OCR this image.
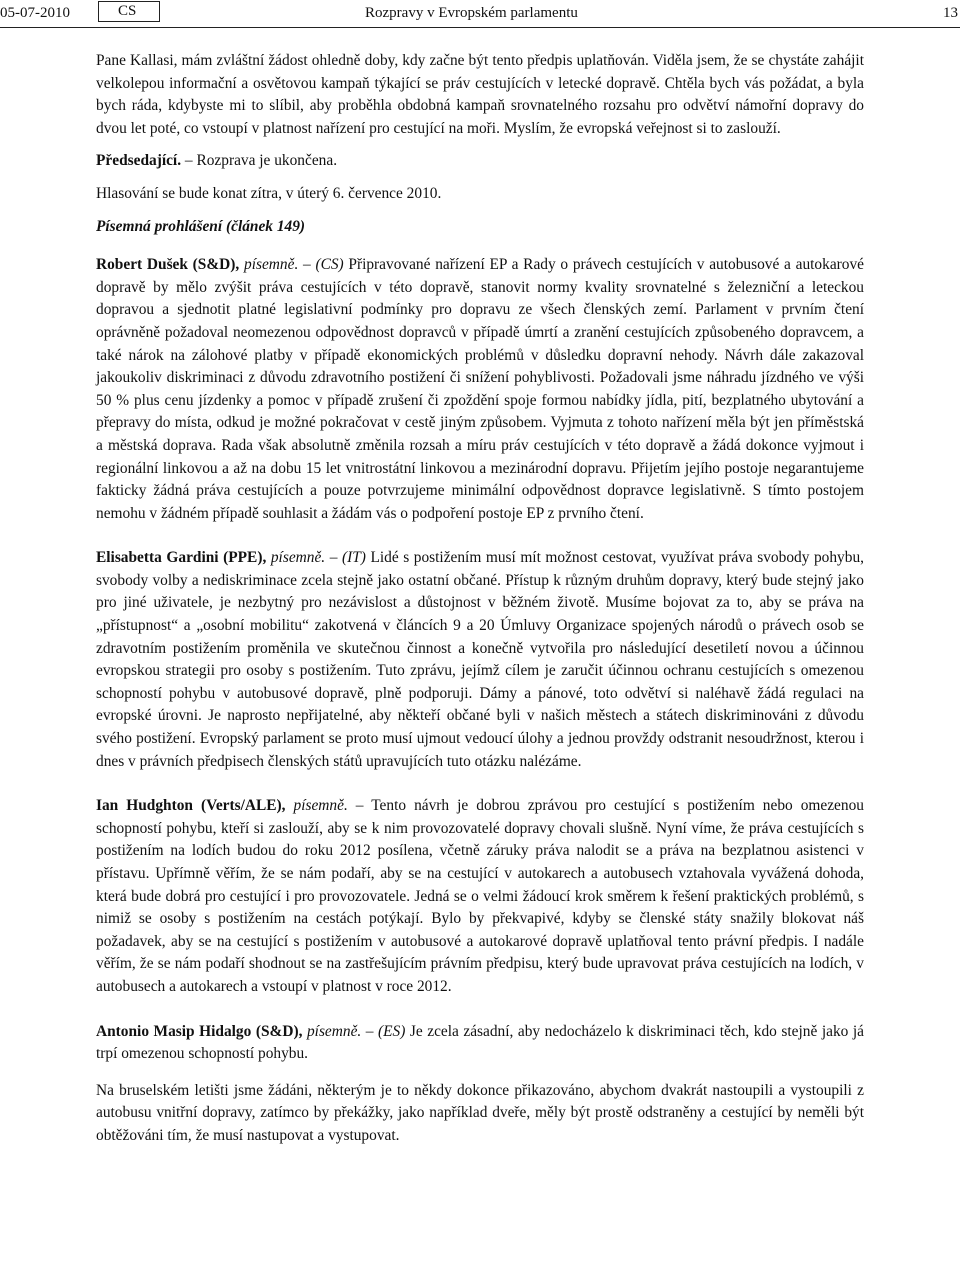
05-07-2010	CS	Rozpravy v Evropském parlamentu	13

Pane Kallasi, mám zvláštní žádost ohledně doby, kdy začne být tento předpis uplatňován. Viděla jsem, že se chystáte zahájit velkolepou informační a osvětovou kampaň týkající se práv cestujících v letecké dopravě. Chtěla bych vás požádat, a byla bych ráda, kdybyste mi to slíbil, aby proběhla obdobná kampaň srovnatelného rozsahu pro odvětví námořní dopravy do dvou let poté, co vstoupí v platnost nařízení pro cestující na moři. Myslím, že evropská veřejnost si to zaslouží.

Předsedající. – Rozprava je ukončena.

Hlasování se bude konat zítra, v úterý 6. července 2010.

Písemná prohlášení (článek 149)

Robert Dušek (S&D), písemně. – (CS) Připravované nařízení EP a Rady o právech cestujících v autobusové a autokarové dopravě by mělo zvýšit práva cestujících v této dopravě, stanovit normy kvality srovnatelné s železniční a leteckou dopravou a sjednotit platné legislativní podmínky pro dopravu ze všech členských zemí. Parlament v prvním čtení oprávněně požadoval neomezenou odpovědnost dopravců v případě úmrtí a zranění cestujících způsobeného dopravcem, a také nárok na zálohové platby v případě ekonomických problémů v důsledku dopravní nehody. Návrh dále zakazoval jakoukoliv diskriminaci z důvodu zdravotního postižení či snížení pohyblivosti. Požadovali jsme náhradu jízdného ve výši 50 % plus cenu jízdenky a pomoc v případě zrušení či zpoždění spoje formou nabídky jídla, pití, bezplatného ubytování a přepravy do místa, odkud je možné pokračovat v cestě jiným způsobem. Vyjmuta z tohoto nařízení měla být jen příměstská a městská doprava. Rada však absolutně změnila rozsah a míru práv cestujících v této dopravě a žádá dokonce vyjmout i regionální linkovou a až na dobu 15 let vnitrostátní linkovou a mezinárodní dopravu. Přijetím jejího postoje negarantujeme fakticky žádná práva cestujících a pouze potvrzujeme minimální odpovědnost dopravce legislativně. S tímto postojem nemohu v žádném případě souhlasit a žádám vás o podpoření postoje EP z prvního čtení.

Elisabetta Gardini (PPE), písemně. – (IT) Lidé s postižením musí mít možnost cestovat, využívat práva svobody pohybu, svobody volby a nediskriminace zcela stejně jako ostatní občané. Přístup k různým druhům dopravy, který bude stejný jako pro jiné uživatele, je nezbytný pro nezávislost a důstojnost v běžném životě. Musíme bojovat za to, aby se práva na „přístupnost“ a „osobní mobilitu“ zakotvená v článcích 9 a 20 Úmluvy Organizace spojených národů o právech osob se zdravotním postižením proměnila ve skutečnou činnost a konečně vytvořila pro následující desetiletí novou a účinnou evropskou strategii pro osoby s postižením. Tuto zprávu, jejímž cílem je zaručit účinnou ochranu cestujících s omezenou schopností pohybu v autobusové dopravě, plně podporuji. Dámy a pánové, toto odvětví si naléhavě žádá regulaci na evropské úrovni. Je naprosto nepřijatelné, aby někteří občané byli v našich městech a státech diskriminováni z důvodu svého postižení. Evropský parlament se proto musí ujmout vedoucí úlohy a jednou provždy odstranit nesoudržnost, kterou i dnes v právních předpisech členských států upravujících tuto otázku nalézáme.

Ian Hudghton (Verts/ALE), písemně. – Tento návrh je dobrou zprávou pro cestující s postižením nebo omezenou schopností pohybu, kteří si zaslouží, aby se k nim provozovatelé dopravy chovali slušně. Nyní víme, že práva cestujících s postižením na lodích budou do roku 2012 posílena, včetně záruky práva nalodit se a práva na bezplatnou asistenci v přístavu. Upřímně věřím, že se nám podaří, aby se na cestující v autokarech a autobusech vztahovala vyvážená dohoda, která bude dobrá pro cestující i pro provozovatele. Jedná se o velmi žádoucí krok směrem k řešení praktických problémů, s nimiž se osoby s postižením na cestách potýkají. Bylo by překvapivé, kdyby se členské státy snažily blokovat náš požadavek, aby se na cestující s postižením v autobusové a autokarové dopravě uplatňoval tento právní předpis. I nadále věřím, že se nám podaří shodnout se na zastřešujícím právním předpisu, který bude upravovat práva cestujících na lodích, v autobusech a autokarech a vstoupí v platnost v roce 2012.

Antonio Masip Hidalgo (S&D), písemně. – (ES) Je zcela zásadní, aby nedocházelo k diskriminaci těch, kdo stejně jako já trpí omezenou schopností pohybu.

Na bruselském letišti jsme žádáni, některým je to někdy dokonce přikazováno, abychom dvakrát nastoupili a vystoupili z autobusu vnitřní dopravy, zatímco by překážky, jako například dveře, měly být prostě odstraněny a cestující by neměli být obtěžováni tím, že musí nastupovat a vystupovat.
